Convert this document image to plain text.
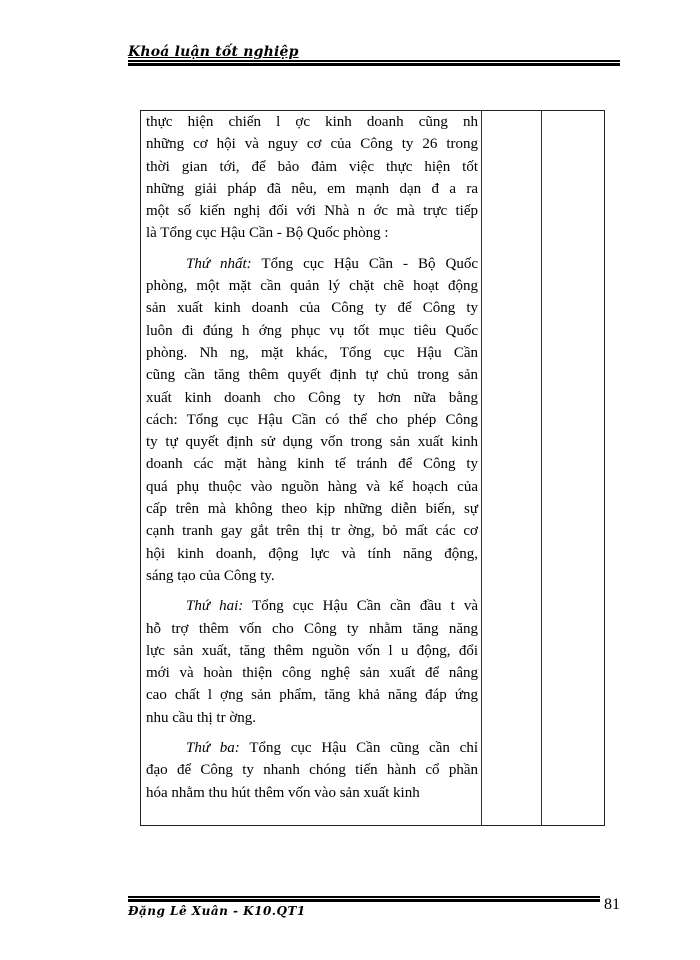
Khoá luận tốt nghiệp

thực hiện chiến l ợc kinh doanh cũng nh

những cơ hội và nguy cơ của Công ty 26 trong

thời gian tới, để bảo đảm việc thực hiện tốt

những giải pháp đã nêu, em mạnh dạn đ a ra

một số kiến nghị đối với Nhà n ớc mà trực tiếp

là Tổng cục Hậu Cần - Bộ Quốc phòng :

Thứ nhất: Tổng cục Hậu Cần - Bộ Quốc

phòng, một mặt cần quản lý chặt chẽ hoạt động

sản xuất kinh doanh của Công ty để Công ty

luôn đi đúng h ớng phục vụ tốt mục tiêu Quốc

phòng. Nh ng, mặt khác, Tổng cục Hậu Cần

cũng cần tăng thêm quyết định tự chủ trong sản

xuất kinh doanh cho Công ty hơn nữa bằng

cách: Tổng cục Hậu Cần có thể cho phép Công

ty tự quyết định sử dụng vốn trong sản xuất kinh

doanh các mặt hàng kinh tế tránh để Công ty

quá phụ thuộc vào nguồn hàng và kế hoạch của

cấp trên mà không theo kịp những diễn biến, sự

cạnh tranh gay gắt trên thị tr ờng, bỏ mất các cơ

hội kinh doanh, động lực và tính năng động,

sáng tạo của Công ty.

Thứ hai: Tổng cục Hậu Cần cần đầu t và

hỗ trợ thêm vốn cho Công ty nhằm tăng năng

lực sản xuất, tăng thêm nguồn vốn l u động, đổi

mới và hoàn thiện công nghệ sản xuất để nâng

cao chất l ợng sản phẩm, tăng khả năng đáp ứng

nhu cầu thị tr ờng.

Thứ ba: Tổng cục Hậu Cần cũng cần chỉ

đạo để Công ty nhanh chóng tiến hành cổ phần

hóa nhằm thu hút thêm vốn vào sản xuất kinh

Đặng Lê Xuân - K10.QT1	81
